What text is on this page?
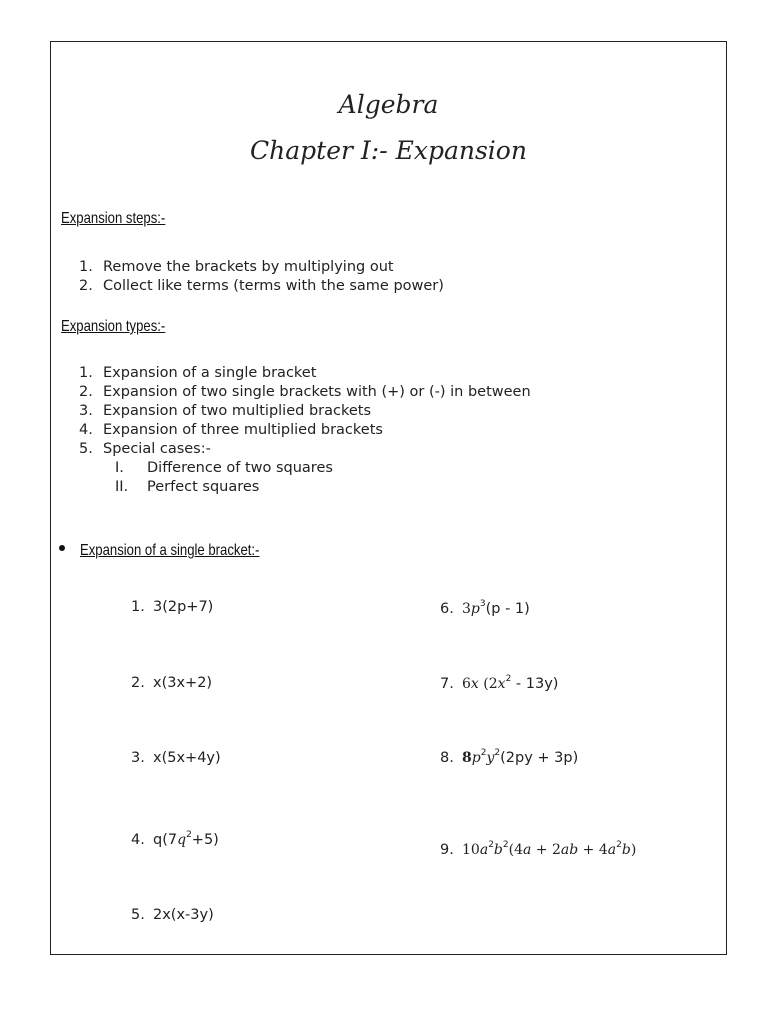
Algebra
Chapter I:- Expansion
Expansion steps:-
1. Remove the brackets by multiplying out
2. Collect like terms (terms with the same power)
Expansion types:-
1. Expansion of a single bracket
2. Expansion of two single brackets with (+) or (-) in between
3. Expansion of two multiplied brackets
4. Expansion of three multiplied brackets
5. Special cases:-
I.	Difference of two squares
II.	Perfect squares
Expansion of a single bracket:-
1. 3(2p+7)
2. x(3x+2)
3. x(5x+4y)
4. $q(7q^2+5)$
5. 2x(x-3y)
6. $3p^3(p - 1)$
7. 6x $(2x^2 - 13y)$
8. $8p^2y^2(2py + 3p)$
9. $10a^2b^2(4a + 2ab + 4a^2b)$
